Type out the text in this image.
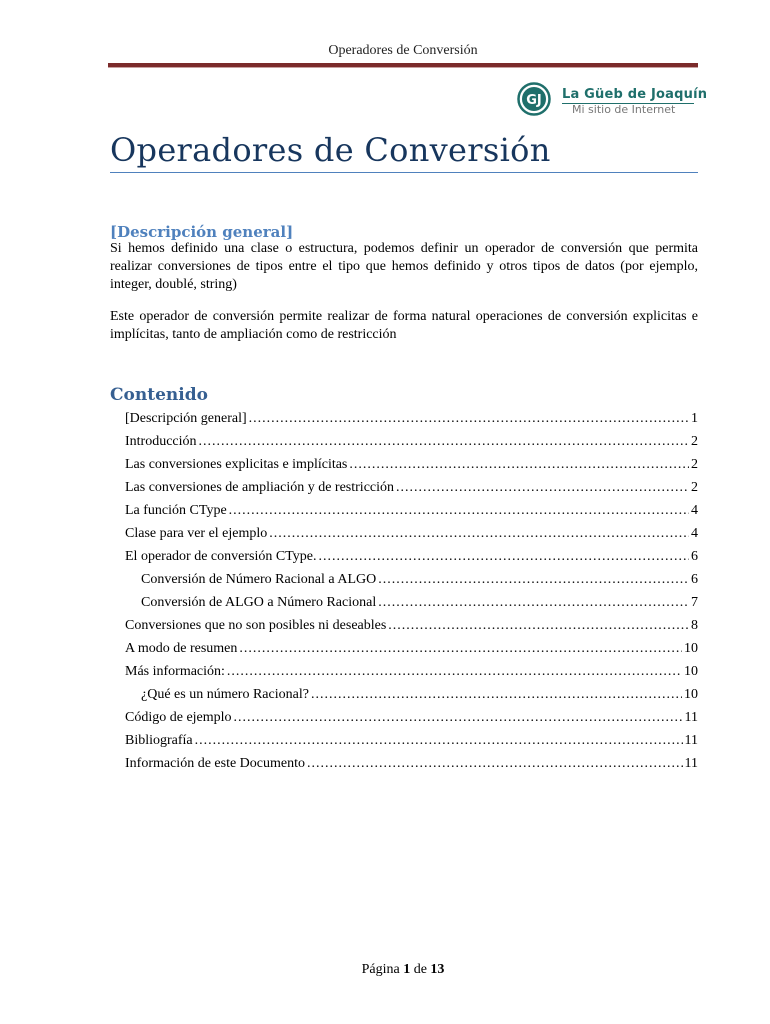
Operadores de Conversión
GJ La Güeb de Joaquín
Mi sitio de Internet
Operadores de Conversión
[Descripción general]

Si hemos definido una clase o estructura, podemos definir un operador de conversión que permita realizar conversiones de tipos entre el tipo que hemos definido y otros tipos de datos (por ejemplo, integer, doublé, string)

Este operador de conversión permite realizar de forma natural operaciones de conversión explicitas e implícitas, tanto de ampliación como de restricción

Contenido
[Descripción general] .....	1
Introducción .....	2
Las conversiones explicitas e implícitas .....	2
Las conversiones de ampliación y de restricción .....	2
La función CType .....	4
Clase para ver el ejemplo .....	4
El operador de conversión CType. .....	6
Conversión de Número Racional a ALGO .....	6
Conversión de ALGO a Número Racional .....	7
Conversiones que no son posibles ni deseables .....	8
A modo de resumen .....	10
Más información: .....	10
¿Qué es un número Racional? .....	10
Código de ejemplo .....	11
Bibliografía .....	11
Información de este Documento .....	11
Página 1 de 13
